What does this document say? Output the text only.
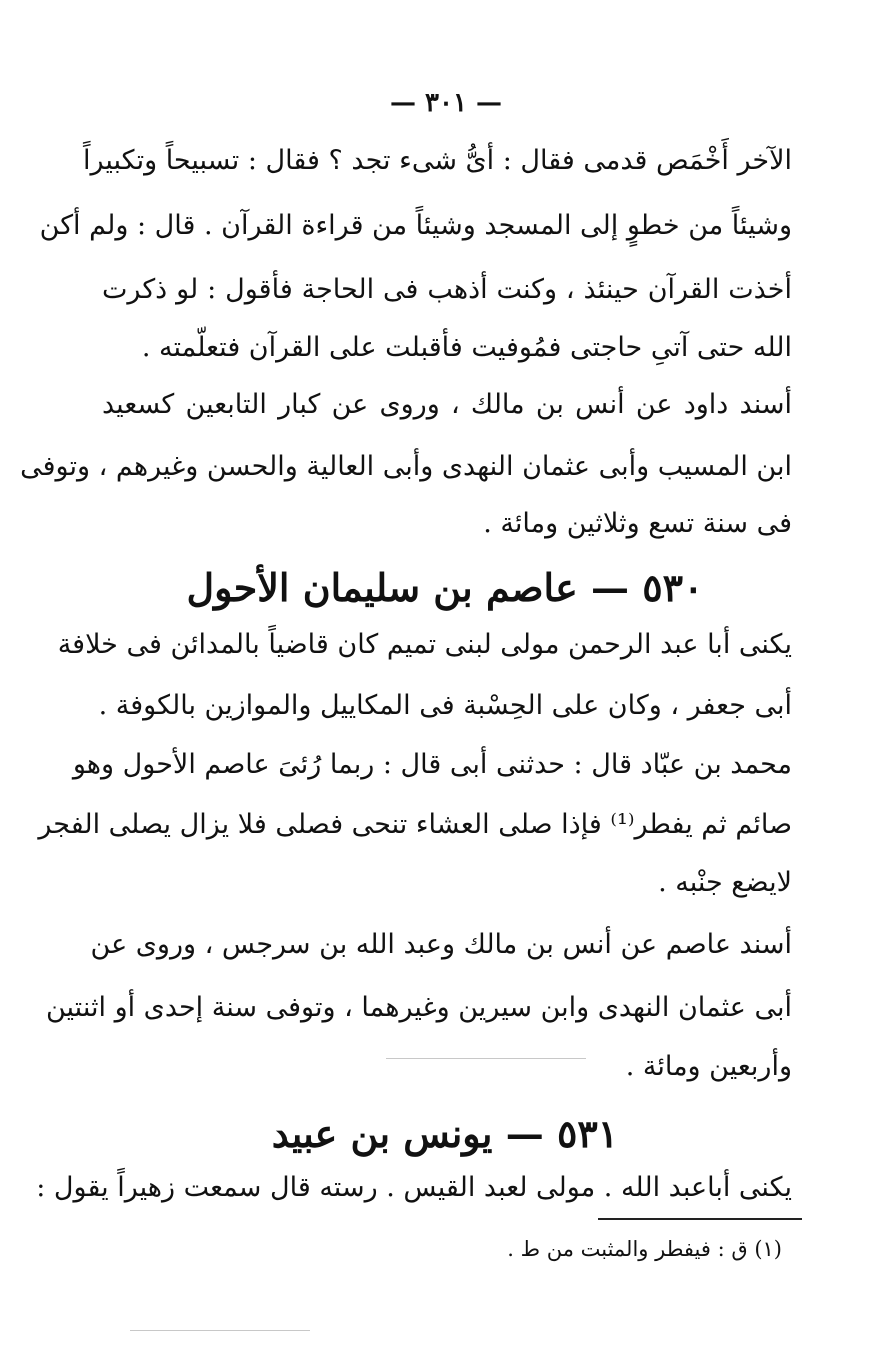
— ٣٠١ —
الآخر أَخْمَص قدمى فقال : أىُّ شىء تجد ؟ فقال : تسبيحاً وتكبيراً
وشيئاً من خطوٍ إلى المسجد وشيئاً من قراءة القرآن . قال : ولم أكن
أخذت القرآن حينئذ ، وكنت أذهب فى الحاجة فأقول : لو ذكرت
الله حتى آتىِ حاجتى فمُوفيت فأقبلت على القرآن فتعلّمته .
أسند داود عن أنس بن مالك ، وروى عن كبار التابعين كسعيد
ابن المسيب وأبى عثمان النهدى وأبى العالية والحسن وغيرهم ، وتوفى
فى سنة تسع وثلاثين ومائة .
٥٣٠ — عاصم بن سليمان الأحول
يكنى أبا عبد الرحمن مولى لبنى تميم كان قاضياً بالمدائن فى خلافة
أبى جعفر ، وكان على الحِسْبة فى المكاييل والموازين بالكوفة .
محمد بن عبّاد قال : حدثنى أبى قال : ربما رُئىَ عاصم الأحول وهو
صائم ثم يفطر⁽¹⁾ فإذا صلى العشاء تنحى فصلى فلا يزال يصلى الفجر
لايضع جنْبه .
أسند عاصم عن أنس بن مالك وعبد الله بن سرجس ، وروى عن
أبى عثمان النهدى وابن سيرين وغيرهما ، وتوفى سنة إحدى أو اثنتين
وأربعين ومائة .
٥٣١ — يونس بن عبيد
يكنى أباعبد الله . مولى لعبد القيس . رسته قال سمعت زهيراً يقول :
(١) ق : فيفطر والمثبت من ط .
